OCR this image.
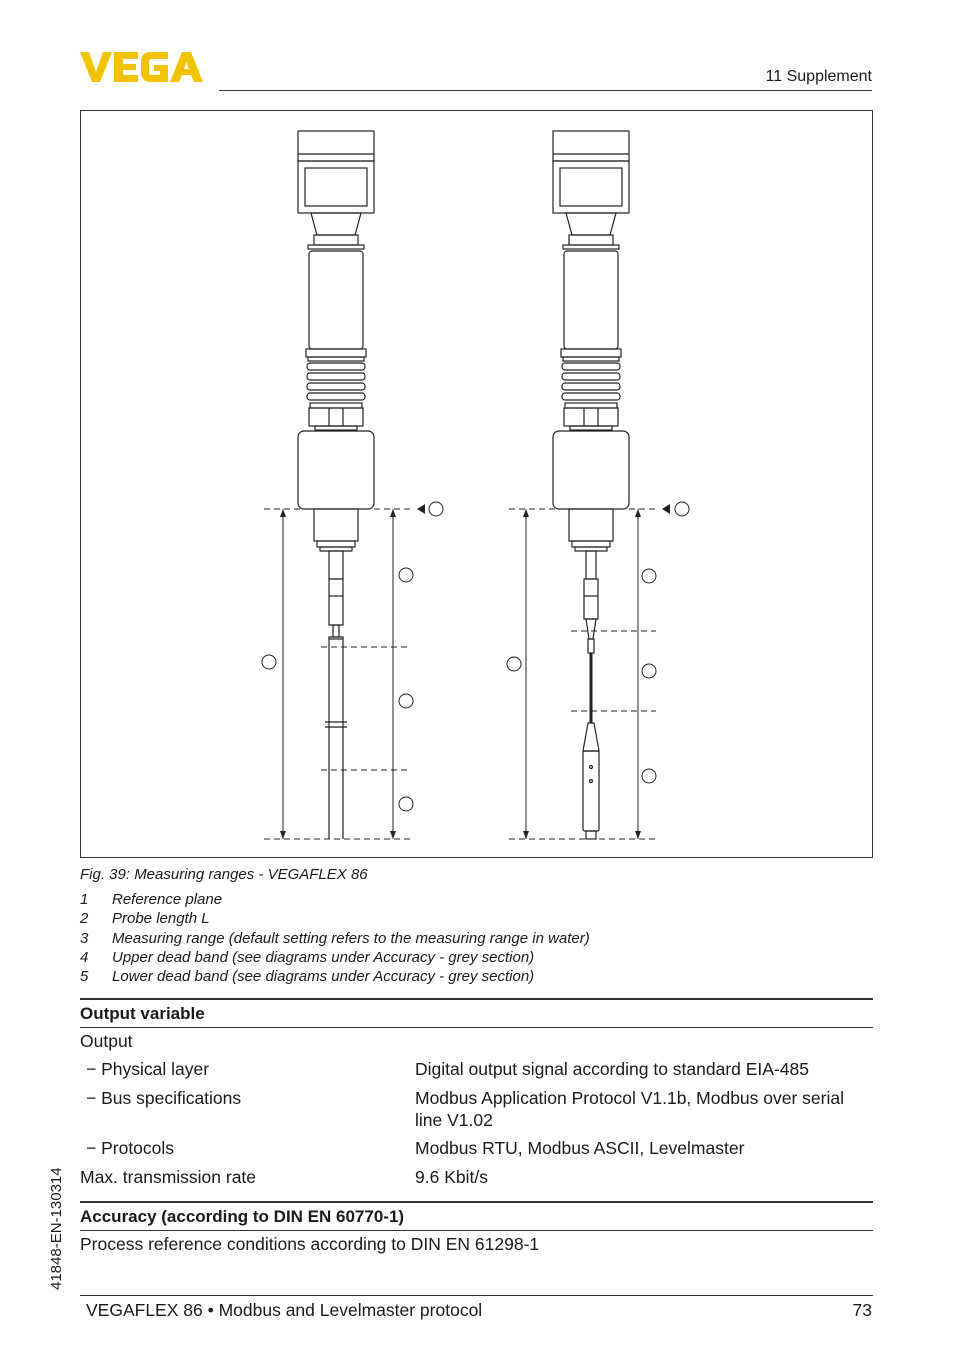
11 Supplement
Fig. 39: Measuring ranges - VEGAFLEX 86
1	Reference plane
2	Probe length L
3	Measuring range (default setting refers to the measuring range in water)
4	Upper dead band (see diagrams under Accuracy - grey section)
5	Lower dead band (see diagrams under Accuracy - grey section)
Output variable
Output
− Physical layer	Digital output signal according to standard EIA-485
− Bus specifications	Modbus Application Protocol V1.1b, Modbus over serial line V1.02
− Protocols	Modbus RTU, Modbus ASCII, Levelmaster
Max. transmission rate	9.6 Kbit/s
Accuracy (according to DIN EN 60770-1)
Process reference conditions according to DIN EN 61298-1
41848-EN-130314
VEGAFLEX 86 • Modbus and Levelmaster protocol	73
